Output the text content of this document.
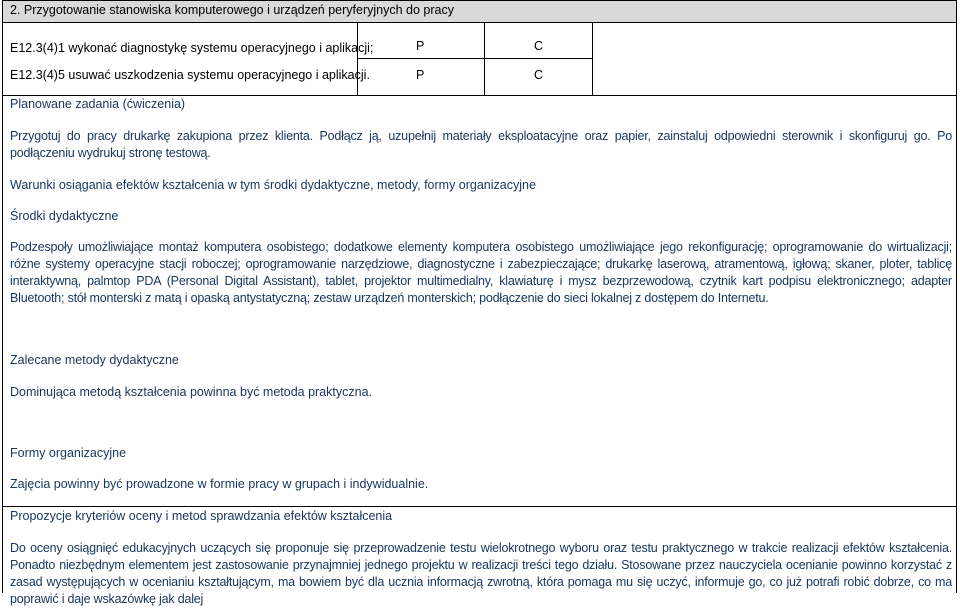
2. Przygotowanie stanowiska komputerowego i urządzeń peryferyjnych do pracy
E12.3(4)1 wykonać diagnostykę systemu operacyjnego i aplikacji;	P	C
E12.3(4)5 usuwać uszkodzenia systemu operacyjnego i aplikacji.	P	C
Planowane zadania (ćwiczenia)
Przygotuj do pracy drukarkę zakupiona przez klienta. Podłącz ją, uzupełnij materiały eksploatacyjne oraz papier, zainstaluj odpowiedni sterownik i skonfiguruj go. Po podłączeniu wydrukuj stronę testową.
Warunki osiągania efektów kształcenia w tym środki dydaktyczne, metody, formy organizacyjne
Środki dydaktyczne
Podzespoły umożliwiające montaż komputera osobistego; dodatkowe elementy komputera osobistego umożliwiające jego rekonfigurację; oprogramowanie do wirtualizacji; różne systemy operacyjne stacji roboczej; oprogramowanie narzędziowe, diagnostyczne i zabezpieczające; drukarkę laserową, atramentową, igłową; skaner, ploter, tablicę interaktywną, palmtop PDA (Personal Digital Assistant), tablet, projektor multimedialny, klawiaturę i mysz bezprzewodową, czytnik kart podpisu elektronicznego; adapter Bluetooth; stół monterski z matą i opaską antystatyczną; zestaw urządzeń monterskich; podłączenie do sieci lokalnej z dostępem do Internetu.
Zalecane metody dydaktyczne
Dominująca metodą kształcenia powinna być metoda praktyczna.
Formy organizacyjne
Zajęcia powinny być prowadzone w formie pracy w grupach i indywidualnie.
Propozycje kryteriów oceny i metod sprawdzania efektów kształcenia
Do oceny osiągnięć edukacyjnych uczących się proponuje się przeprowadzenie testu wielokrotnego wyboru oraz testu praktycznego w trakcie realizacji efektów kształcenia. Ponadto niezbędnym elementem jest zastosowanie przynajmniej jednego projektu w realizacji treści tego działu. Stosowane przez nauczyciela ocenianie powinno korzystać z zasad występujących w ocenianiu kształtującym, ma bowiem być dla ucznia informacją zwrotną, która pomaga mu się uczyć, informuje go, co już potrafi robić dobrze, co ma poprawić i daje wskazówkę jak dalej
